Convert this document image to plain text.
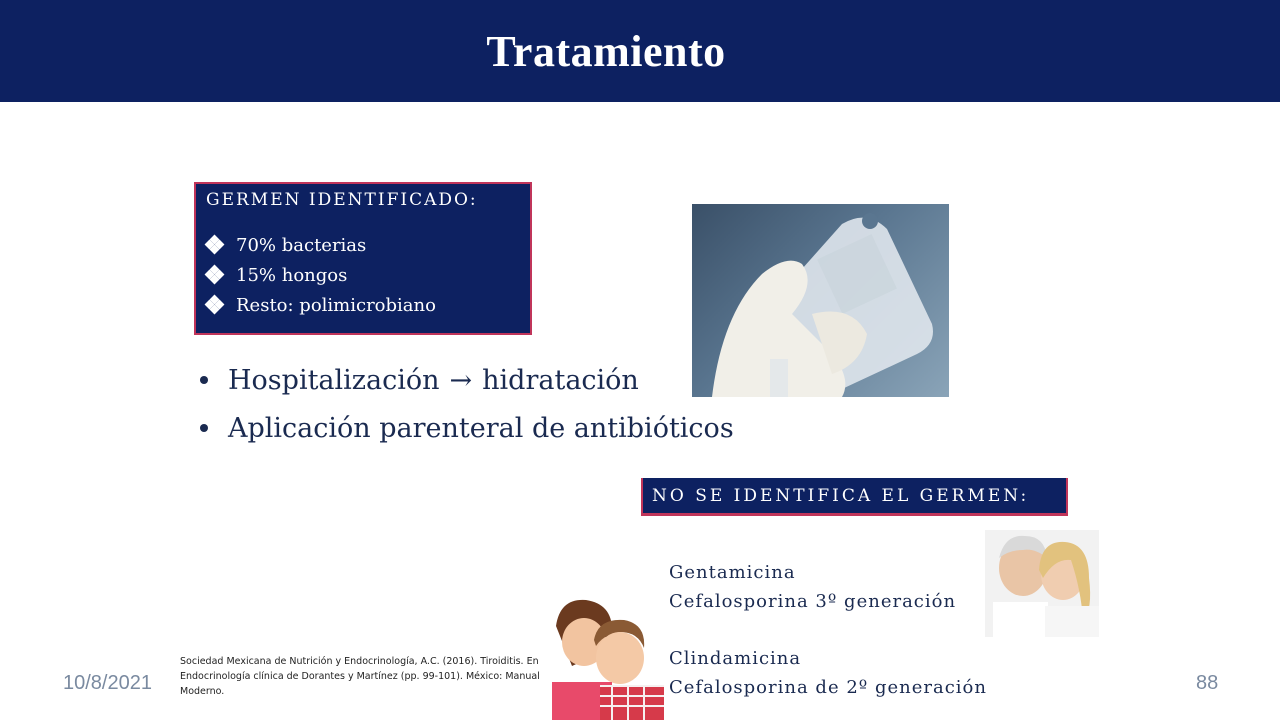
Tratamiento
GERMEN IDENTIFICADO:
70% bacterias
15% hongos
Resto: polimicrobiano
Hospitalización → hidratación
Aplicación parenteral de antibióticos
NO SE IDENTIFICA EL GERMEN:
Gentamicina
Cefalosporina 3º generación
Clindamicina
Cefalosporina de 2º generación
10/8/2021
Sociedad Mexicana de Nutrición y Endocrinología, A.C. (2016). Tiroiditis. En Endocrinología clínica de Dorantes y Martínez (pp. 99-101). México: Manual Moderno.	88
